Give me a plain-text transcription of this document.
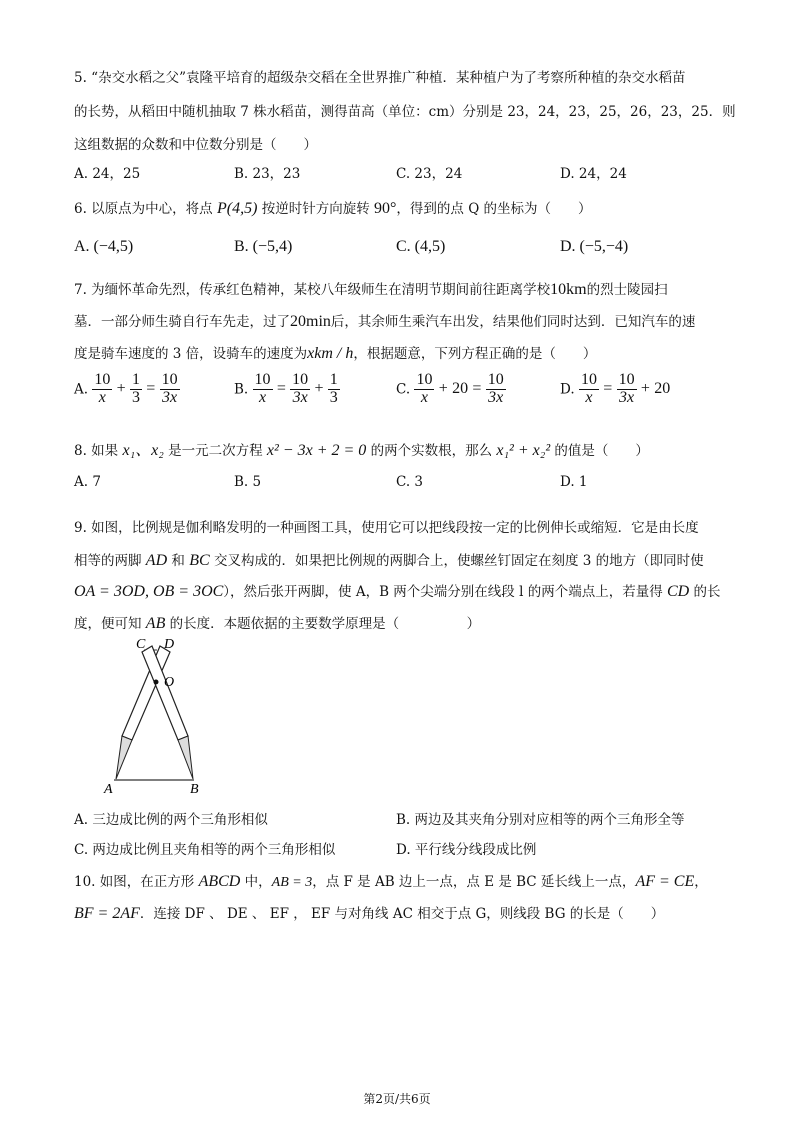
5. “杂交水稻之父”袁隆平培育的超级杂交稻在全世界推广种植．某种植户为了考察所种植的杂交水稻苗
的长势，从稻田中随机抽取 7 株水稻苗，测得苗高（单位：cm）分别是 23，24，23，25，26，23，25．则
这组数据的众数和中位数分别是（　　）
A. 24，25	B. 23，23	C. 23，24	D. 24，24
6. 以原点为中心，将点 P(4,5) 按逆时针方向旋转 90°，得到的点 Q 的坐标为（　　）
A. (−4,5)	B. (−5,4)	C. (4,5)	D. (−5,−4)
7. 为缅怀革命先烈，传承红色精神，某校八年级师生在清明节期间前往距离学校10km的烈士陵园扫
墓．一部分师生骑自行车先走，过了20min后，其余师生乘汽车出发，结果他们同时达到．已知汽车的速
度是骑车速度的 3 倍，设骑车的速度为xkm / h，根据题意，下列方程正确的是（　　）
A. $\frac{10}{x} + \frac{1}{3} = \frac{10}{3x}$	B. $\frac{10}{x} = \frac{10}{3x} + \frac{1}{3}$	C. $\frac{10}{x} + 20 = \frac{10}{3x}$	D. $\frac{10}{x} = \frac{10}{3x} + 20$
8. 如果 x₁、x₂ 是一元二次方程 x² − 3x + 2 = 0 的两个实数根，那么 x₁² + x₂² 的值是（　　）
A. 7	B. 5	C. 3	D. 1
9. 如图，比例规是伽利略发明的一种画图工具，使用它可以把线段按一定的比例伸长或缩短．它是由长度
相等的两脚 AD 和 BC 交叉构成的．如果把比例规的两脚合上，使螺丝钉固定在刻度 3 的地方（即同时使
OA = 3OD, OB = 3OC），然后张开两脚，使 A，B 两个尖端分别在线段 l 的两个端点上，若量得 CD 的长
度，便可知 AB 的长度．本题依据的主要数学原理是（　　　　　）
C D
O
A	B
A. 三边成比例的两个三角形相似	B. 两边及其夹角分别对应相等的两个三角形全等
C. 两边成比例且夹角相等的两个三角形相似	D. 平行线分线段成比例
10. 如图，在正方形 ABCD 中，AB = 3，点 F 是 AB 边上一点，点 E 是 BC 延长线上一点，AF = CE，
BF = 2AF．连接 DF 、 DE 、 EF ， EF 与对角线 AC 相交于点 G，则线段 BG 的长是（　　）
第2页/共6页
